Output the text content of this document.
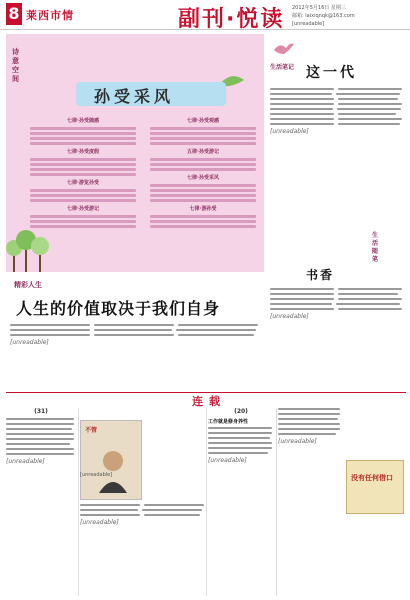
8 莱西市情	副刊·悦读 2012年5月16日 星期三
邮箱: laixiqnqk@163.com
[unreadable]
诗意空间
孙受采风
七律·孙受随感
七律·孙受度假
七律·游览孙受
七律·孙受游记
七律·孙受观感
五律·孙受游记
七律·孙受采风
七律·游孙受
生活笔记 这一代
[unreadable]
生活随笔
书香
[unreadable]
精彩人生
人生的价值取决于我们自身
[unreadable]
连载
(31)
[unreadable]
不管
[unreadable]
[unreadable]
(20)
工作就是修身养性
[unreadable]
[unreadable]
没有任何借口
